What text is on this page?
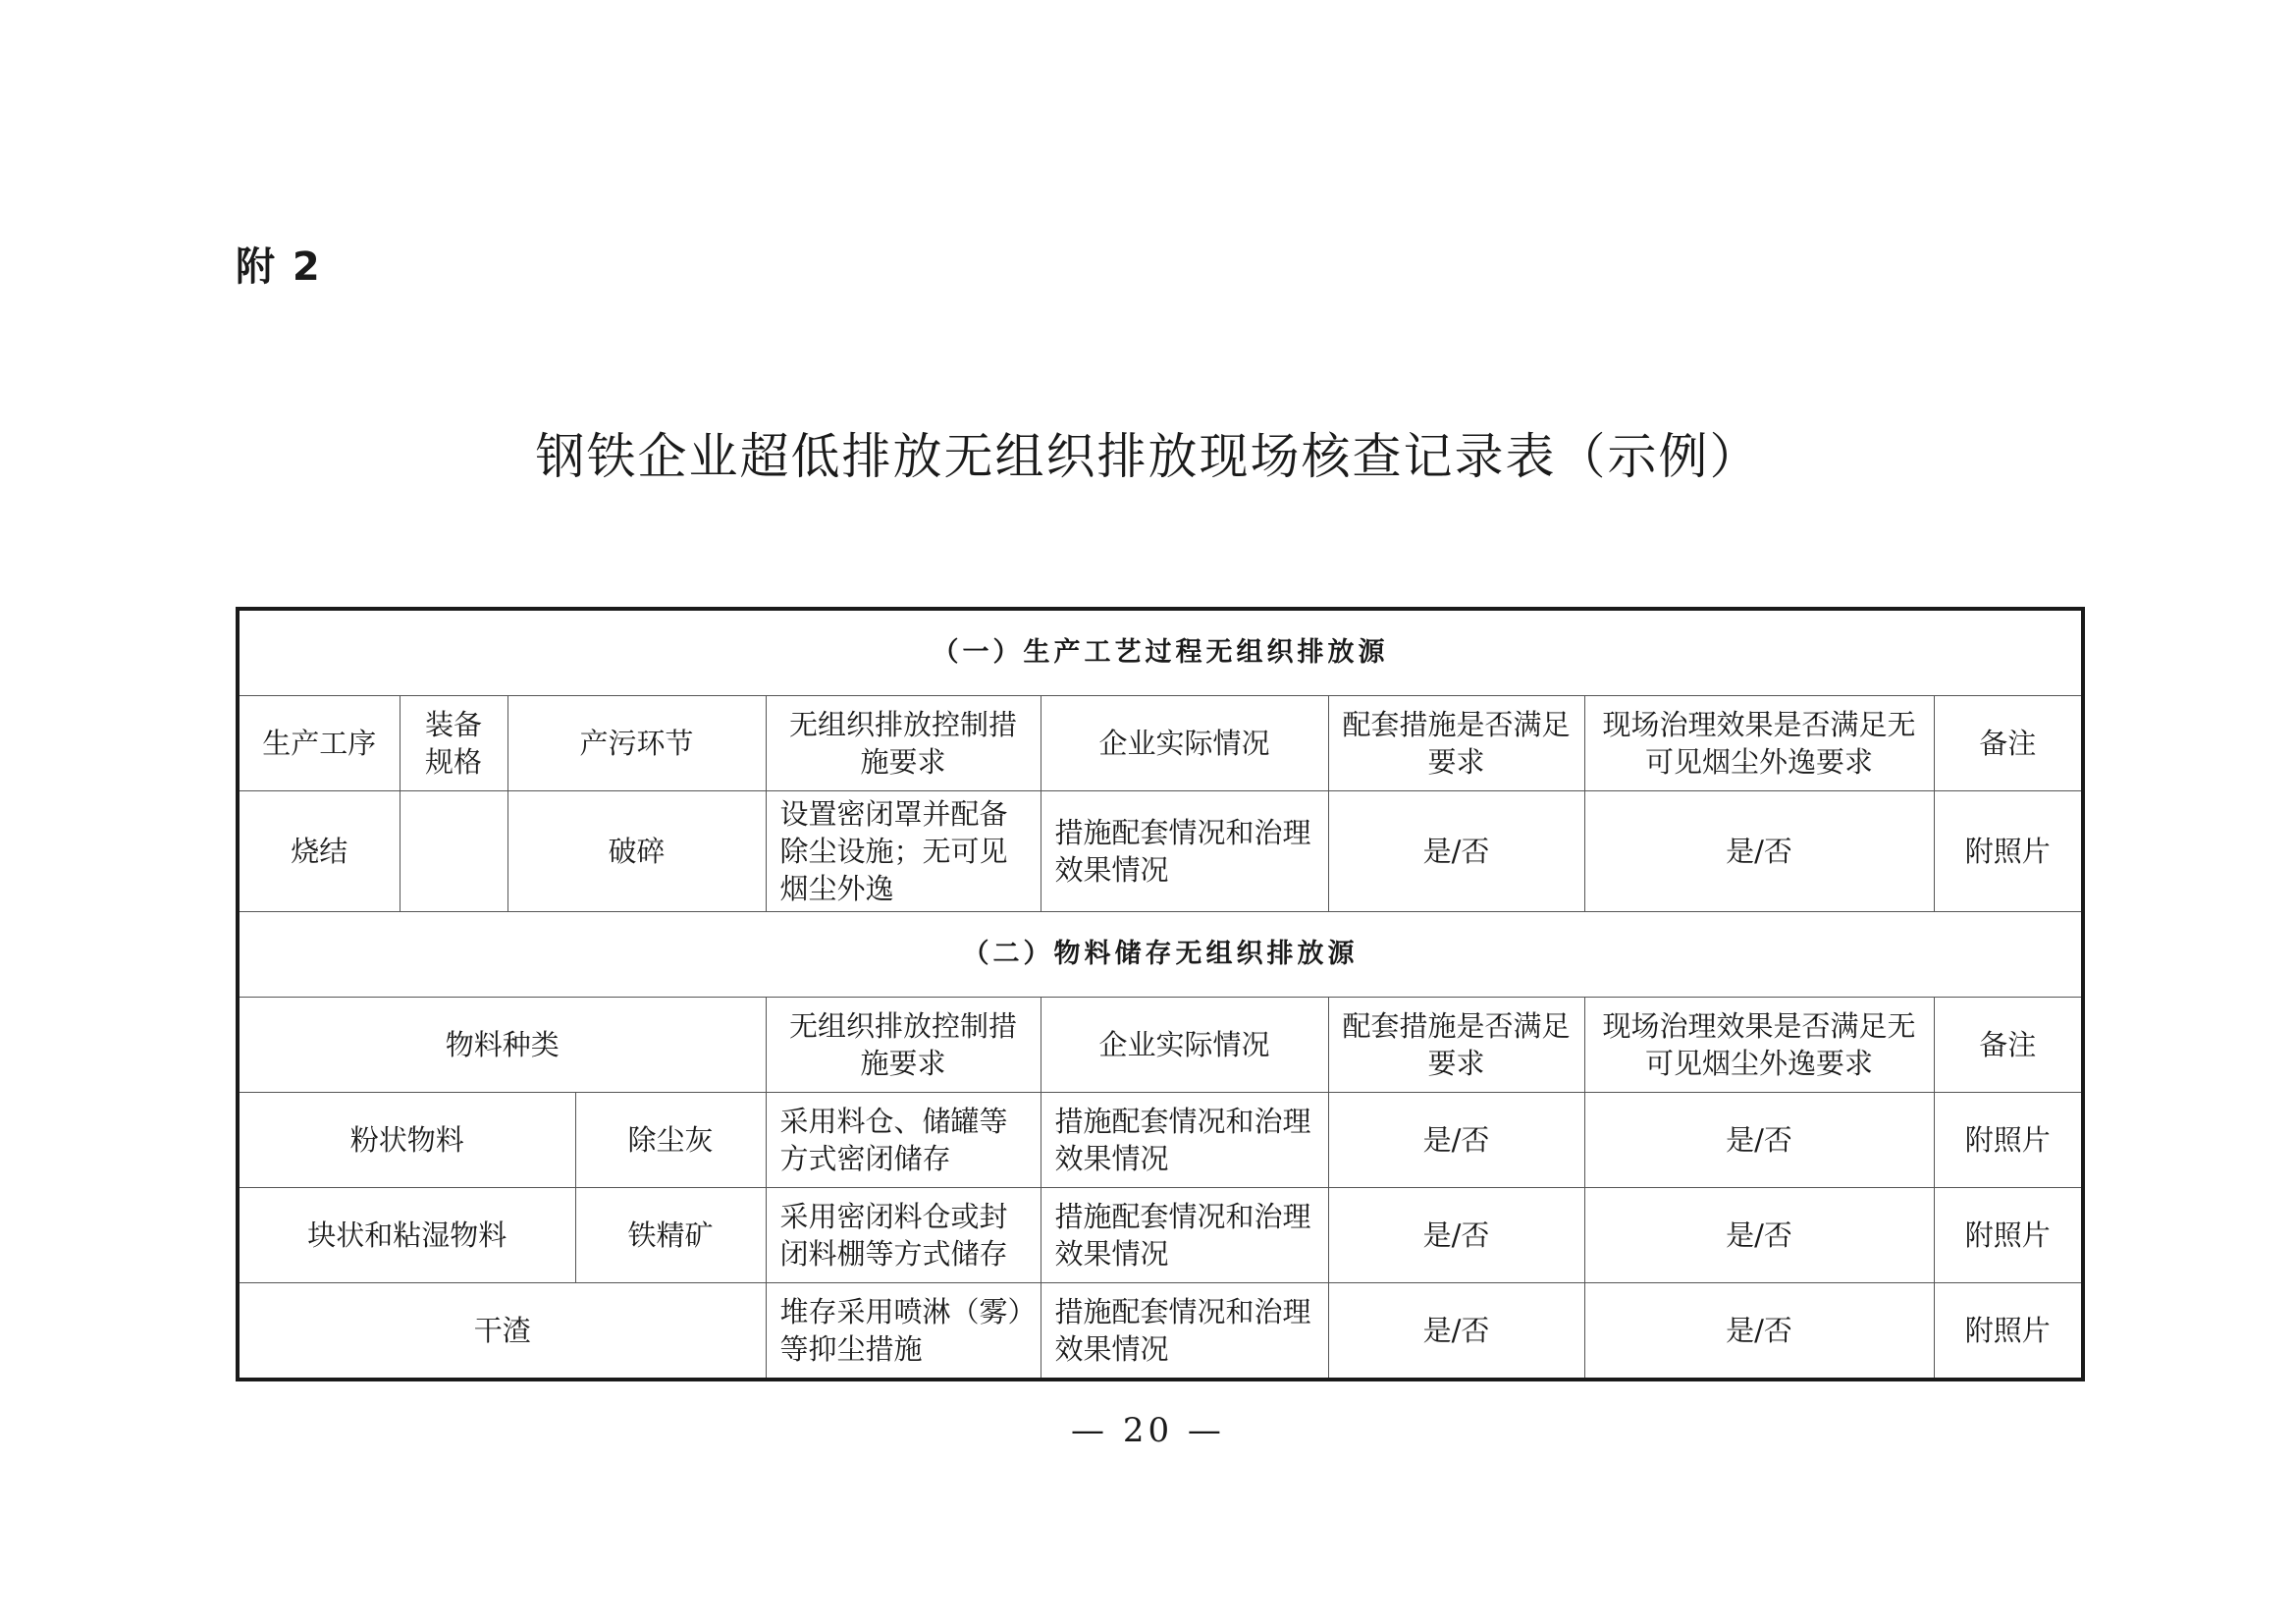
附 2
钢铁企业超低排放无组织排放现场核查记录表（示例）
（一）生产工艺过程无组织排放源								
生产工序	装备规格	产污环节		无组织排放控制措施要求	企业实际情况	配套措施是否满足要求	现场治理效果是否满足无可见烟尘外逸要求	备注
烧结		破碎		设置密闭罩并配备除尘设施；无可见烟尘外逸	措施配套情况和治理效果情况	是/否	是/否	附照片
（二）物料储存无组织排放源								
物料种类				无组织排放控制措施要求	企业实际情况	配套措施是否满足要求	现场治理效果是否满足无可见烟尘外逸要求	备注
粉状物料			除尘灰	采用料仓、储罐等方式密闭储存	措施配套情况和治理效果情况	是/否	是/否	附照片
块状和粘湿物料			铁精矿	采用密闭料仓或封闭料棚等方式储存	措施配套情况和治理效果情况	是/否	是/否	附照片
干渣				堆存采用喷淋（雾）等抑尘措施	措施配套情况和治理效果情况	是/否	是/否	附照片
— 20 —
